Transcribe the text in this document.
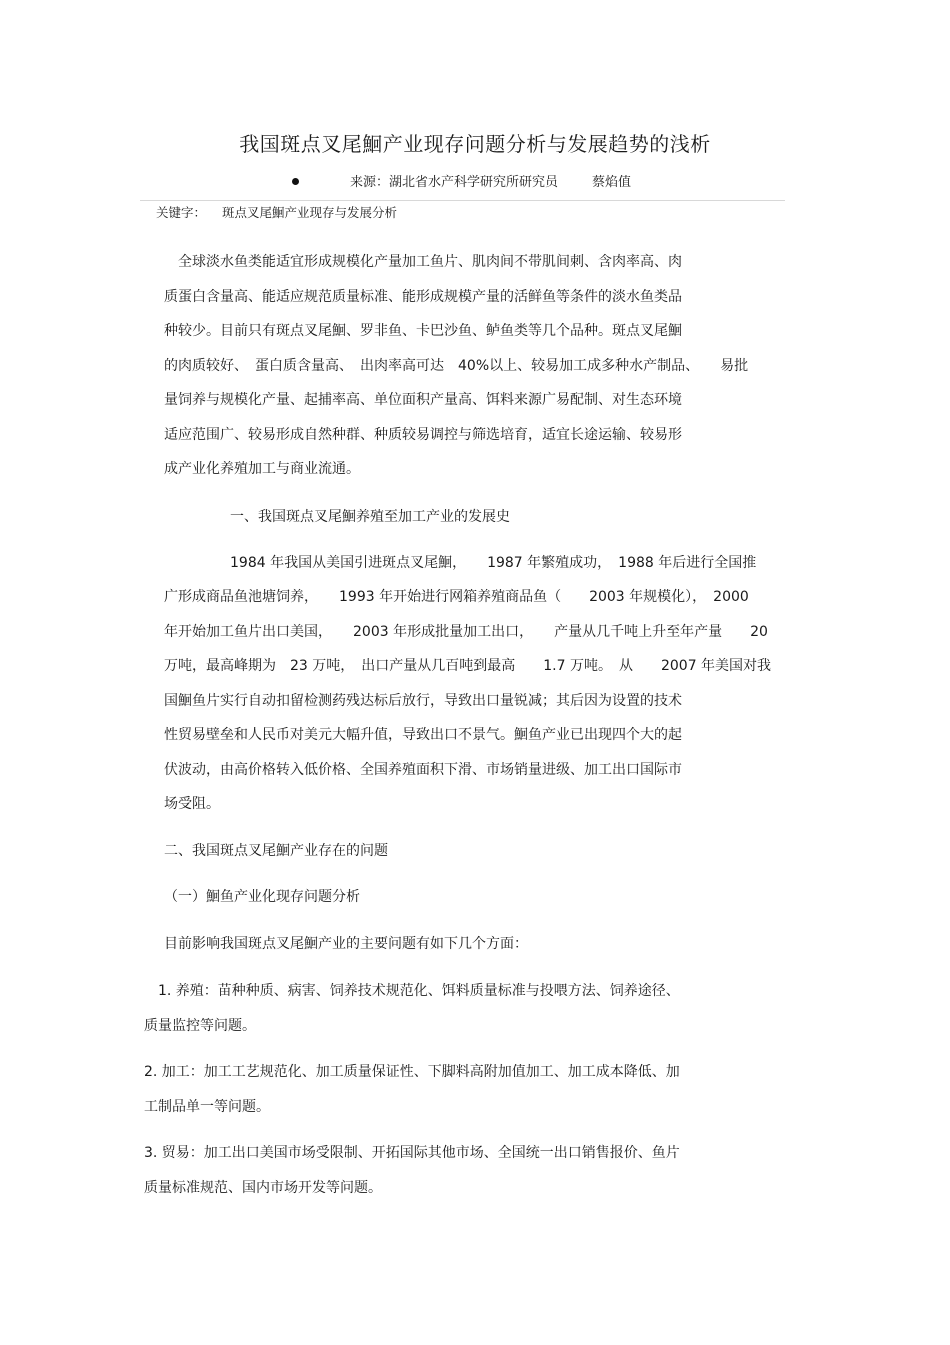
我国斑点叉尾鮰产业现存问题分析与发展趋势的浅析
来源：湖北省水产科学研究所研究员	蔡焰值
关键字： 斑点叉尾鮰产业现存与发展分析
全球淡水鱼类能适宜形成规模化产量加工鱼片、肌肉间不带肌间刺、含肉率高、肉
质蛋白含量高、能适应规范质量标准、能形成规模产量的活鲜鱼等条件的淡水鱼类品
种较少。目前只有斑点叉尾鮰、罗非鱼、卡巴沙鱼、鲈鱼类等几个品种。斑点叉尾鮰
的肉质较好、　蛋白质含量高、　出肉率高可达　40%以上、较易加工成多种水产制品、　　易批
量饲养与规模化产量、起捕率高、单位面积产量高、饵料来源广易配制、对生态环境
适应范围广、较易形成自然种群、种质较易调控与筛选培育，适宜长途运输、较易形
成产业化养殖加工与商业流通。
一、我国斑点叉尾鮰养殖至加工产业的发展史
1984 年我国从美国引进斑点叉尾鮰，　　1987 年繁殖成功，　1988 年后进行全国推
广形成商品鱼池塘饲养，　　1993 年开始进行网箱养殖商品鱼（　　2003 年规模化），　2000
年开始加工鱼片出口美国，　　2003 年形成批量加工出口，　　产量从几千吨上升至年产量　　20
万吨，最高峰期为　23 万吨，　出口产量从几百吨到最高　　1.7 万吨。　从　　2007 年美国对我
国鮰鱼片实行自动扣留检测药残达标后放行，导致出口量锐减；其后因为设置的技术
性贸易壁垒和人民币对美元大幅升值，导致出口不景气。鮰鱼产业已出现四个大的起
伏波动，由高价格转入低价格、全国养殖面积下滑、市场销量进级、加工出口国际市
场受阻。
二、我国斑点叉尾鮰产业存在的问题
（一）鮰鱼产业化现存问题分析
目前影响我国斑点叉尾鮰产业的主要问题有如下几个方面：
1. 养殖：苗种种质、病害、饲养技术规范化、饵料质量标准与投喂方法、饲养途径、
质量监控等问题。
2. 加工：加工工艺规范化、加工质量保证性、下脚料高附加值加工、加工成本降低、加
工制品单一等问题。
3. 贸易：加工出口美国市场受限制、开拓国际其他市场、全国统一出口销售报价、鱼片
质量标准规范、国内市场开发等问题。
